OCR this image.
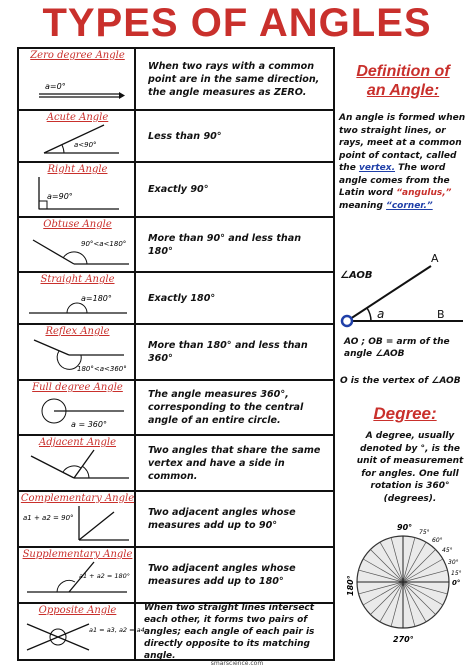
TYPES OF ANGLES
Zero degree Angle
a=0°
When two rays with a common point are in the same direction, the angle measures as ZERO.
Acute Angle
a<90°
Less than 90°
Right Angle
a=90°
Exactly 90°
Obtuse Angle
90°<a<180°
More than 90° and less than 180°
Straight Angle
a=180°	Exactly 180°
Reflex Angle
180°<a<360°
More than 180° and less than 360°
Full degree Angle
a = 360°
The angle measures 360°, corresponding to the central angle of an entire circle.
Adjacent Angle
Two angles that share the same vertex and have a side in common.
Complementary Angle
a1 + a2 = 90°	Two adjacent angles whose measures add up to 90°
Supplementary Angle
a1 + a2 = 180°
Two adjacent angles whose measures add up to 180°
Opposite Angle
a1 = a3, a2 = a4
When two straight lines intersect each other, it forms two pairs of angles; each angle of each pair is directly opposite to its matching angle.
Definition of
an Angle:
An angle is formed when two straight lines, or rays, meet at a common point of contact, called the vertex. The word angle comes from the Latin word “angulus,” meaning “corner.”
a
A
B
∠AOB
AO ; OB = arm of the angle ∠AOB
O is the vertex of ∠AOB
Degree:
A degree, usually denoted by °, is the unit of measurement for angles. One full rotation is 360° (degrees).
90°
75°
60°
45°
30°
15°
0°
180°
270°
smarscience.com
